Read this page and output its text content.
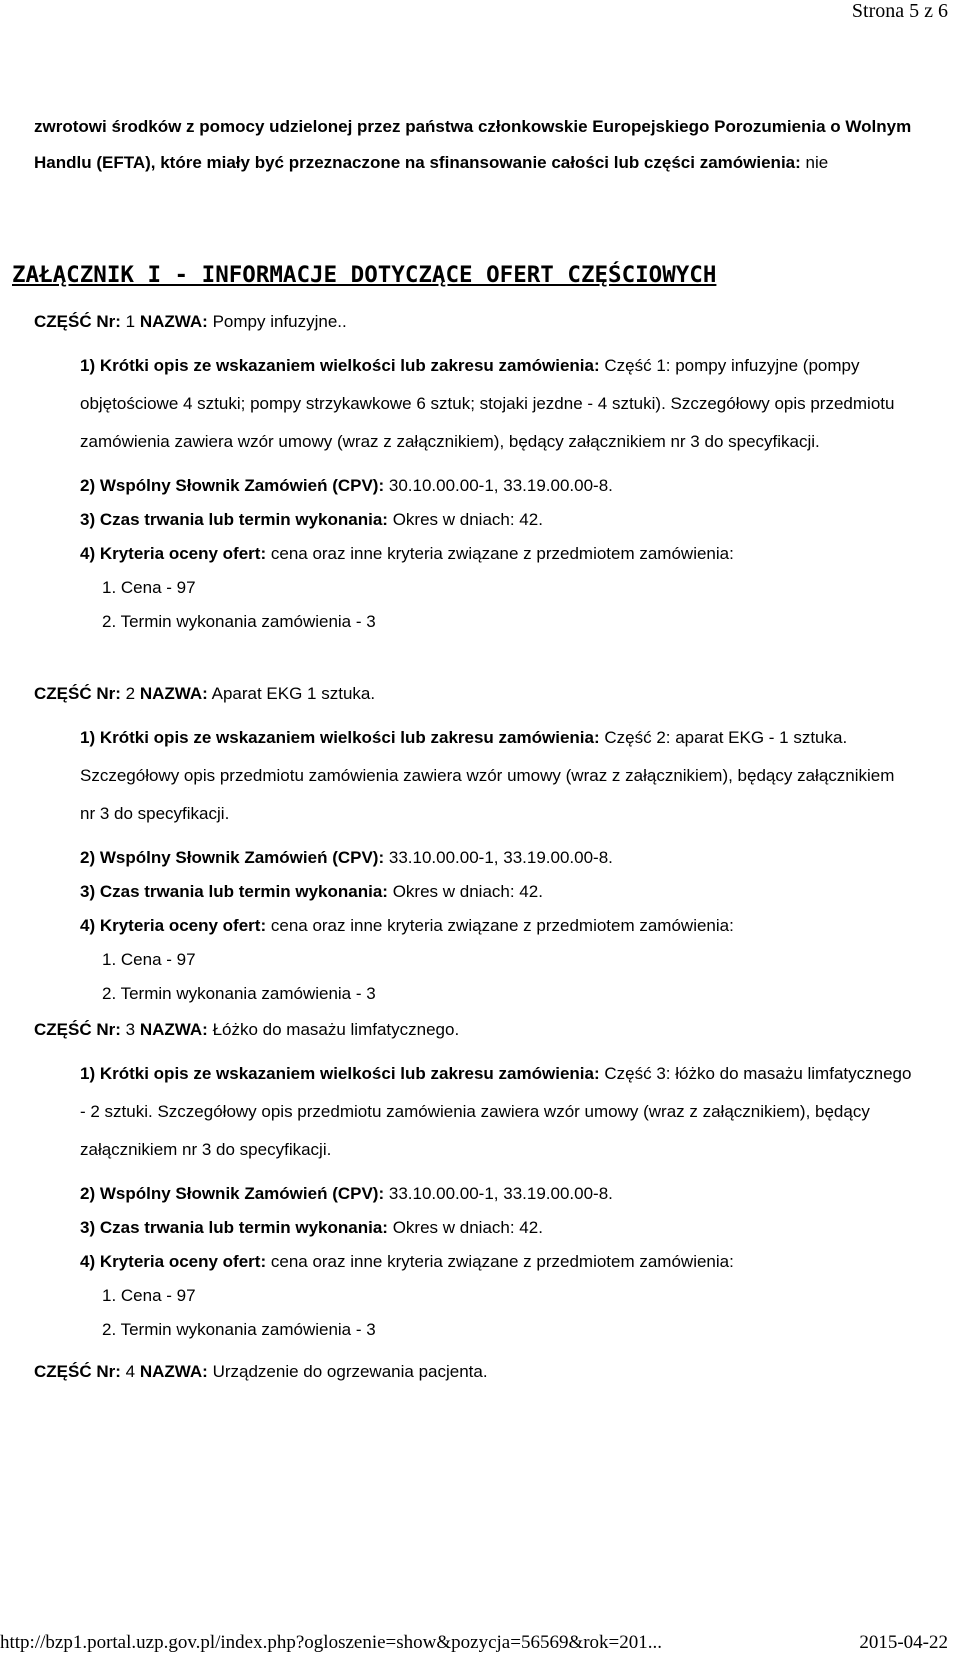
Strona 5 z 6
zwrotowi środków z pomocy udzielonej przez państwa członkowskie Europejskiego Porozumienia o Wolnym Handlu (EFTA), które miały być przeznaczone na sfinansowanie całości lub części zamówienia: nie
ZAŁĄCZNIK I - INFORMACJE DOTYCZĄCE OFERT CZĘŚCIOWYCH
CZĘŚĆ Nr: 1 NAZWA: Pompy infuzyjne..
1) Krótki opis ze wskazaniem wielkości lub zakresu zamówienia: Część 1: pompy infuzyjne (pompy objętościowe 4 sztuki; pompy strzykawkowe 6 sztuk; stojaki jezdne - 4 sztuki). Szczegółowy opis przedmiotu zamówienia zawiera wzór umowy (wraz z załącznikiem), będący załącznikiem nr 3 do specyfikacji.
2) Wspólny Słownik Zamówień (CPV): 30.10.00.00-1, 33.19.00.00-8.
3) Czas trwania lub termin wykonania: Okres w dniach: 42.
4) Kryteria oceny ofert: cena oraz inne kryteria związane z przedmiotem zamówienia:
1. Cena - 97
2. Termin wykonania zamówienia - 3
CZĘŚĆ Nr: 2 NAZWA: Aparat EKG 1 sztuka.
1) Krótki opis ze wskazaniem wielkości lub zakresu zamówienia: Część 2: aparat EKG - 1 sztuka. Szczegółowy opis przedmiotu zamówienia zawiera wzór umowy (wraz z załącznikiem), będący załącznikiem nr 3 do specyfikacji.
2) Wspólny Słownik Zamówień (CPV): 33.10.00.00-1, 33.19.00.00-8.
3) Czas trwania lub termin wykonania: Okres w dniach: 42.
4) Kryteria oceny ofert: cena oraz inne kryteria związane z przedmiotem zamówienia:
1. Cena - 97
2. Termin wykonania zamówienia - 3
CZĘŚĆ Nr: 3 NAZWA: Łóżko do masażu limfatycznego.
1) Krótki opis ze wskazaniem wielkości lub zakresu zamówienia: Część 3: łóżko do masażu limfatycznego - 2 sztuki. Szczegółowy opis przedmiotu zamówienia zawiera wzór umowy (wraz z załącznikiem), będący załącznikiem nr 3 do specyfikacji.
2) Wspólny Słownik Zamówień (CPV): 33.10.00.00-1, 33.19.00.00-8.
3) Czas trwania lub termin wykonania: Okres w dniach: 42.
4) Kryteria oceny ofert: cena oraz inne kryteria związane z przedmiotem zamówienia:
1. Cena - 97
2. Termin wykonania zamówienia - 3
CZĘŚĆ Nr: 4 NAZWA: Urządzenie do ogrzewania pacjenta.
http://bzp1.portal.uzp.gov.pl/index.php?ogloszenie=show&pozycja=56569&rok=201...	2015-04-22
